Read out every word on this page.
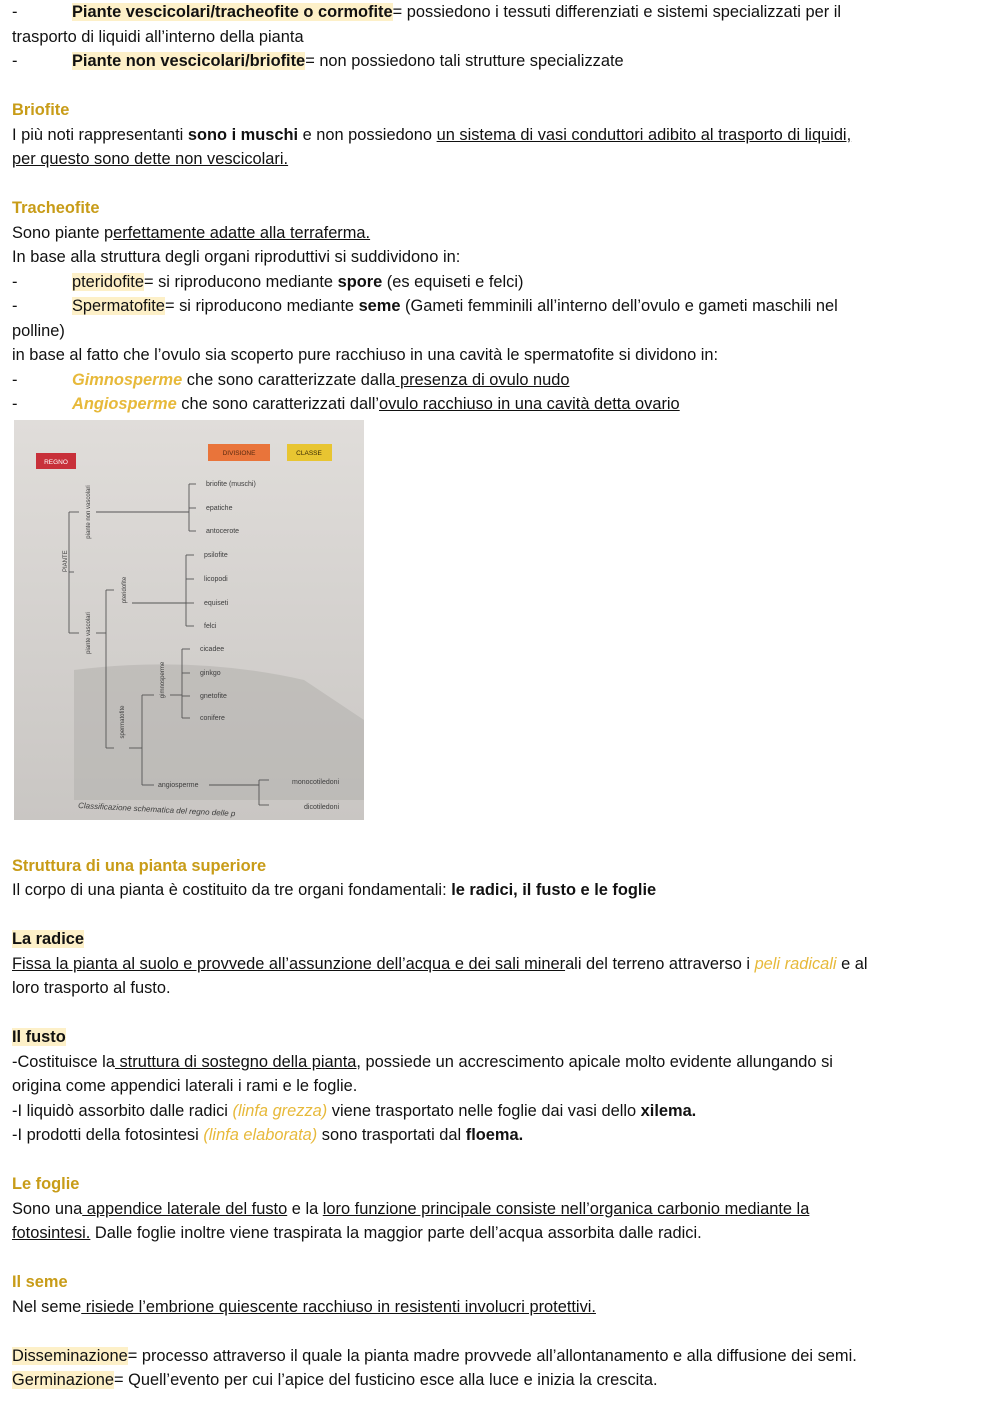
-	Piante vescicolari/tracheofite o cormofite= possiedono i tessuti differenziati e sistemi specializzati per il
trasporto di liquidi all’interno della pianta
-	Piante non vescicolari/briofite= non possiedono tali strutture specializzate
Briofite
I più noti rappresentanti sono i muschi e non possiedono un sistema di vasi conduttori adibito al trasporto di liquidi,
per questo sono dette non vescicolari.
Tracheofite
Sono piante perfettamente adatte alla terraferma.
In base alla struttura degli organi riproduttivi si suddividono in:
-	pteridofite= si riproducono mediante spore (es equiseti e felci)
-	Spermatofite= si riproducono mediante seme (Gameti femminili all’interno dell’ovulo e gameti maschili nel
polline)
in base al fatto che l’ovulo sia scoperto pure racchiuso in una cavità le spermatofite si dividono in:
-	Gimnosperme che sono caratterizzate dalla presenza di ovulo nudo
-	Angiosperme che sono caratterizzati dall’ovulo racchiuso in una cavità detta ovario
REGNO
DIVISIONE	CLASSE
PIANTE
piante non vascolari
piante vascolari
pteridofite
spermatofite
gimnosperme
briofite (muschi)
epatiche
antocerote
psilofite
licopodi
equiseti
felci
cicadee
ginkgo
gnetofite
conifere
angiosperme	monocotiledoni
dicotiledoni
Classificazione schematica del regno delle p
Struttura di una pianta superiore
Il corpo di una pianta è costituito da tre organi fondamentali: le radici, il fusto e le foglie
La radice
Fissa la pianta al suolo e provvede all’assunzione dell’acqua e dei sali minerali del terreno attraverso i peli radicali e al
loro trasporto al fusto.
Il fusto
-Costituisce la struttura di sostegno della pianta, possiede un accrescimento apicale molto evidente allungando si
origina come appendici laterali i rami e le foglie.
-I liquidò assorbito dalle radici (linfa grezza) viene trasportato nelle foglie dai vasi dello xilema.
-I prodotti della fotosintesi (linfa elaborata) sono trasportati dal floema.
Le foglie
Sono una appendice laterale del fusto e la loro funzione principale consiste nell’organica carbonio mediante la
fotosintesi. Dalle foglie inoltre viene traspirata la maggior parte dell’acqua assorbita dalle radici.
Il seme
Nel seme risiede l’embrione quiescente racchiuso in resistenti involucri protettivi.
Disseminazione= processo attraverso il quale la pianta madre provvede all’allontanamento e alla diffusione dei semi.
Germinazione= Quell’evento per cui l’apice del fusticino esce alla luce e inizia la crescita.
